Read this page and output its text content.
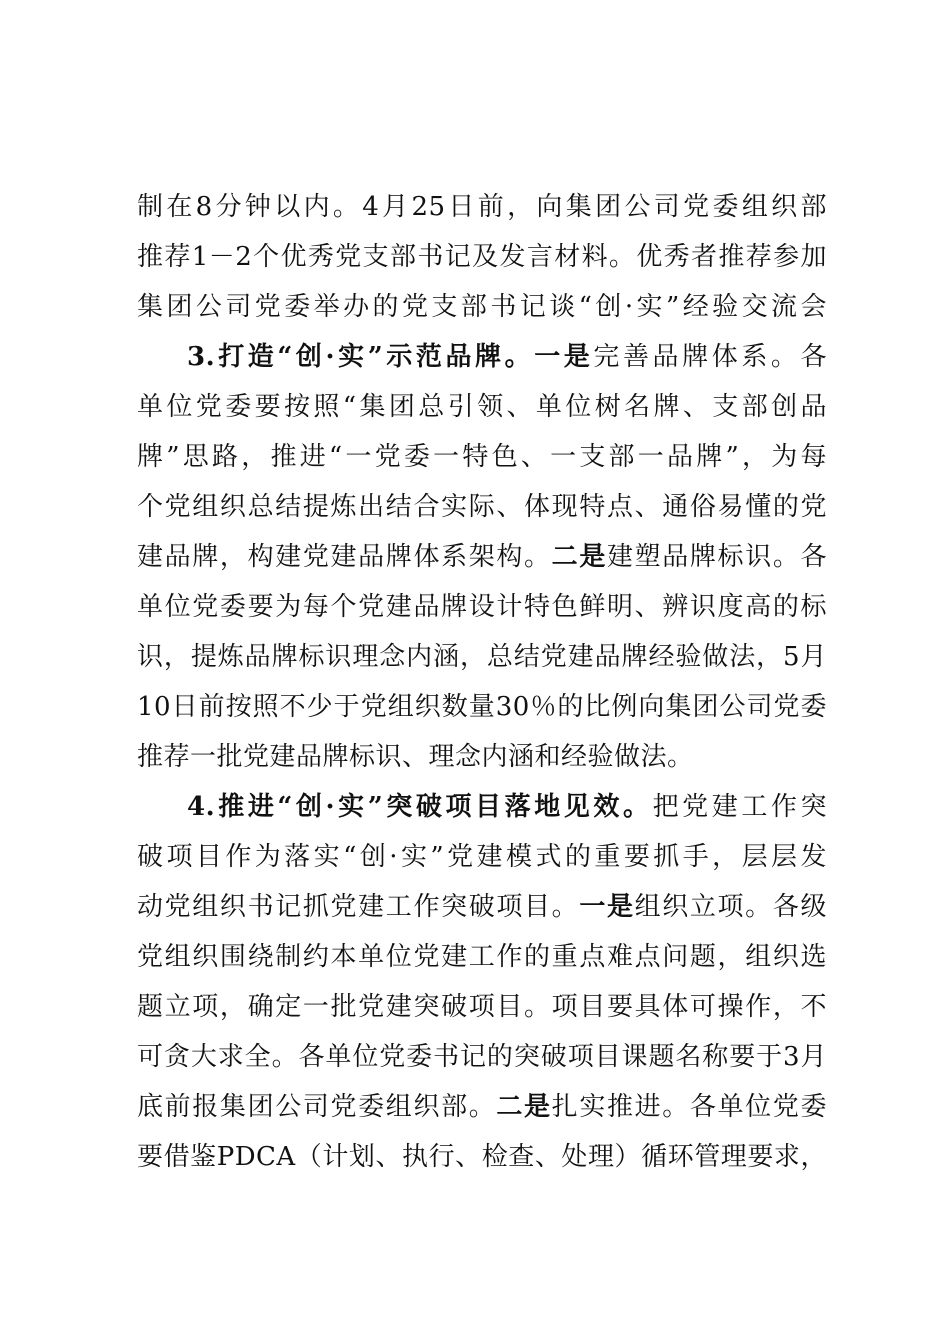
制在8分钟以内。4月25日前，向集团公司党委组织部
推荐1－2个优秀党支部书记及发言材料。优秀者推荐参加
集团公司党委举办的党支部书记谈“创·实”经验交流会
3.打造“创·实”示范品牌。一是完善品牌体系。各
单位党委要按照“集团总引领、单位树名牌、支部创品
牌”思路，推进“一党委一特色、一支部一品牌”，为每
个党组织总结提炼出结合实际、体现特点、通俗易懂的党
建品牌，构建党建品牌体系架构。二是建塑品牌标识。各
单位党委要为每个党建品牌设计特色鲜明、辨识度高的标
识，提炼品牌标识理念内涵，总结党建品牌经验做法，5月
10日前按照不少于党组织数量30％的比例向集团公司党委
推荐一批党建品牌标识、理念内涵和经验做法。
4.推进“创·实”突破项目落地见效。把党建工作突
破项目作为落实“创·实”党建模式的重要抓手，层层发
动党组织书记抓党建工作突破项目。一是组织立项。各级
党组织围绕制约本单位党建工作的重点难点问题，组织选
题立项，确定一批党建突破项目。项目要具体可操作，不
可贪大求全。各单位党委书记的突破项目课题名称要于3月
底前报集团公司党委组织部。二是扎实推进。各单位党委
要借鉴PDCA（计划、执行、检查、处理）循环管理要求，
